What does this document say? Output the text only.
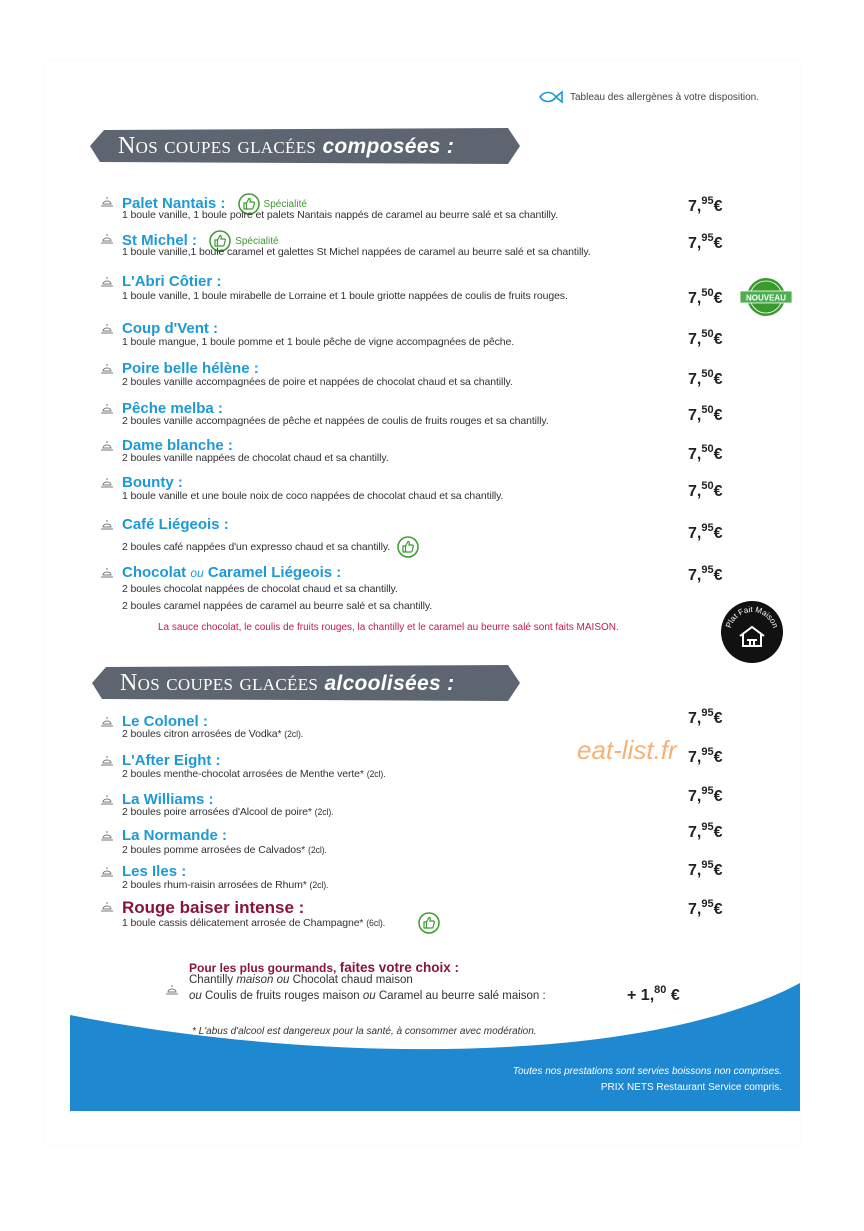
Tableau des allergènes à votre disposition.
Nos coupes glacées composées :
Palet Nantais :	Spécialité
1 boule vanille, 1 boule poire et palets Nantais nappés de caramel au beurre salé et sa chantilly.	7,95€
St Michel :	Spécialité
1 boule vanille,1 boule caramel et galettes St Michel nappées de caramel au beurre salé et sa chantilly.	7,95€
L'Abri Côtier :
1 boule vanille, 1 boule mirabelle de Lorraine et 1 boule griotte nappées de coulis de fruits rouges.	7,50€
Coup d'Vent :
1 boule mangue, 1 boule pomme et 1 boule pêche de vigne accompagnées de pêche.	7,50€
Poire belle hélène :
2 boules vanille accompagnées de poire et nappées de chocolat chaud et sa chantilly.	7,50€
Pêche melba :
2 boules vanille accompagnées de pêche et nappées de coulis de fruits rouges et sa chantilly.	7,50€
Dame blanche :
2 boules vanille nappées de chocolat chaud et sa chantilly.	7,50€
Bounty :
1 boule vanille et une boule noix de coco nappées de chocolat chaud et sa chantilly.	7,50€
Café Liégeois :
2 boules café nappées d'un expresso chaud et sa chantilly.
7,95€
Chocolat ou Caramel Liégeois :
2 boules chocolat nappées de chocolat chaud et sa chantilly.
2 boules caramel nappées de caramel au beurre salé et sa chantilly.
7,95€
La sauce chocolat, le coulis de fruits rouges, la chantilly et le caramel au beurre salé sont faits MAISON.
NOUVEAU
Plat Fait Maison
Nos coupes glacées alcoolisées :
Le Colonel :
2 boules citron arrosées de Vodka* (2cl).
7,95€
L'After Eight :
2 boules menthe-chocolat arrosées de Menthe verte* (2cl).
7,95€
La Williams :
2 boules poire arrosées d'Alcool de poire* (2cl).
7,95€
La Normande :
2 boules pomme arrosées de Calvados* (2cl).
7,95€
Les Iles :
2 boules rhum-raisin arrosées de Rhum* (2cl).
7,95€
Rouge baiser intense :
1 boule cassis délicatement arrosée de Champagne* (6cl).
7,95€
eat-list.fr
Pour les plus gourmands, faites votre choix :
Chantilly maison ou Chocolat chaud maison
ou Coulis de fruits rouges maison ou Caramel au beurre salé maison :	+ 1,80 €
* L'abus d'alcool est dangereux pour la santé, à consommer avec modération.
Toutes nos prestations sont servies boissons non comprises.
PRIX NETS Restaurant Service compris.
